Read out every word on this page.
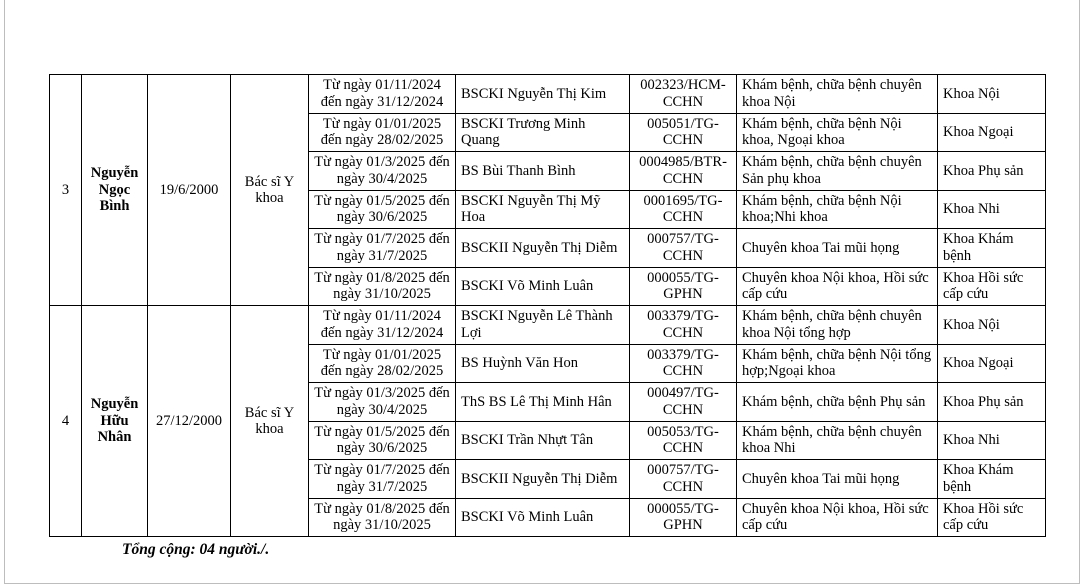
3	Nguyễn Ngọc Bình	19/6/2000	Bác sĩ Y khoa	Từ ngày 01/11/2024 đến ngày 31/12/2024	BSCKI Nguyễn Thị Kim	002323/HCM-CCHN	Khám bệnh, chữa bệnh chuyên khoa Nội	Khoa Nội
				Từ ngày 01/01/2025 đến ngày 28/02/2025	BSCKI Trương Minh Quang	005051/TG-CCHN	Khám bệnh, chữa bệnh Nội khoa, Ngoại khoa	Khoa Ngoại
				Từ ngày 01/3/2025 đến ngày 30/4/2025	BS Bùi Thanh Bình	0004985/BTR-CCHN	Khám bệnh, chữa bệnh chuyên Sản phụ khoa	Khoa Phụ sản
				Từ ngày 01/5/2025 đến ngày 30/6/2025	BSCKI Nguyễn Thị Mỹ Hoa	0001695/TG-CCHN	Khám bệnh, chữa bệnh Nội khoa;Nhi khoa	Khoa Nhi
				Từ ngày 01/7/2025 đến ngày 31/7/2025	BSCKII Nguyễn Thị Diễm	000757/TG-CCHN	Chuyên khoa Tai mũi họng	Khoa Khám bệnh
				Từ ngày 01/8/2025 đến ngày 31/10/2025	BSCKI Võ Minh Luân	000055/TG-GPHN	Chuyên khoa Nội khoa, Hồi sức cấp cứu	Khoa Hồi sức cấp cứu
4	Nguyễn Hữu Nhân	27/12/2000	Bác sĩ Y khoa	Từ ngày 01/11/2024 đến ngày 31/12/2024	BSCKI Nguyễn Lê Thành Lợi	003379/TG-CCHN	Khám bệnh, chữa bệnh chuyên khoa Nội tổng hợp	Khoa Nội
				Từ ngày 01/01/2025 đến ngày 28/02/2025	BS Huỳnh Văn Hon	003379/TG-CCHN	Khám bệnh, chữa bệnh Nội tổng hợp;Ngoại khoa	Khoa Ngoại
				Từ ngày 01/3/2025 đến ngày 30/4/2025	ThS BS Lê Thị Minh Hân	000497/TG-CCHN	Khám bệnh, chữa bệnh Phụ sản	Khoa Phụ sản
				Từ ngày 01/5/2025 đến ngày 30/6/2025	BSCKI Trần Nhựt Tân	005053/TG-CCHN	Khám bệnh, chữa bệnh chuyên khoa Nhi	Khoa Nhi
				Từ ngày 01/7/2025 đến ngày 31/7/2025	BSCKII Nguyễn Thị Diễm	000757/TG-CCHN	Chuyên khoa Tai mũi họng	Khoa Khám bệnh
				Từ ngày 01/8/2025 đến ngày 31/10/2025	BSCKI Võ Minh Luân	000055/TG-GPHN	Chuyên khoa Nội khoa, Hồi sức cấp cứu	Khoa Hồi sức cấp cứu
Tổng cộng: 04 người./.
